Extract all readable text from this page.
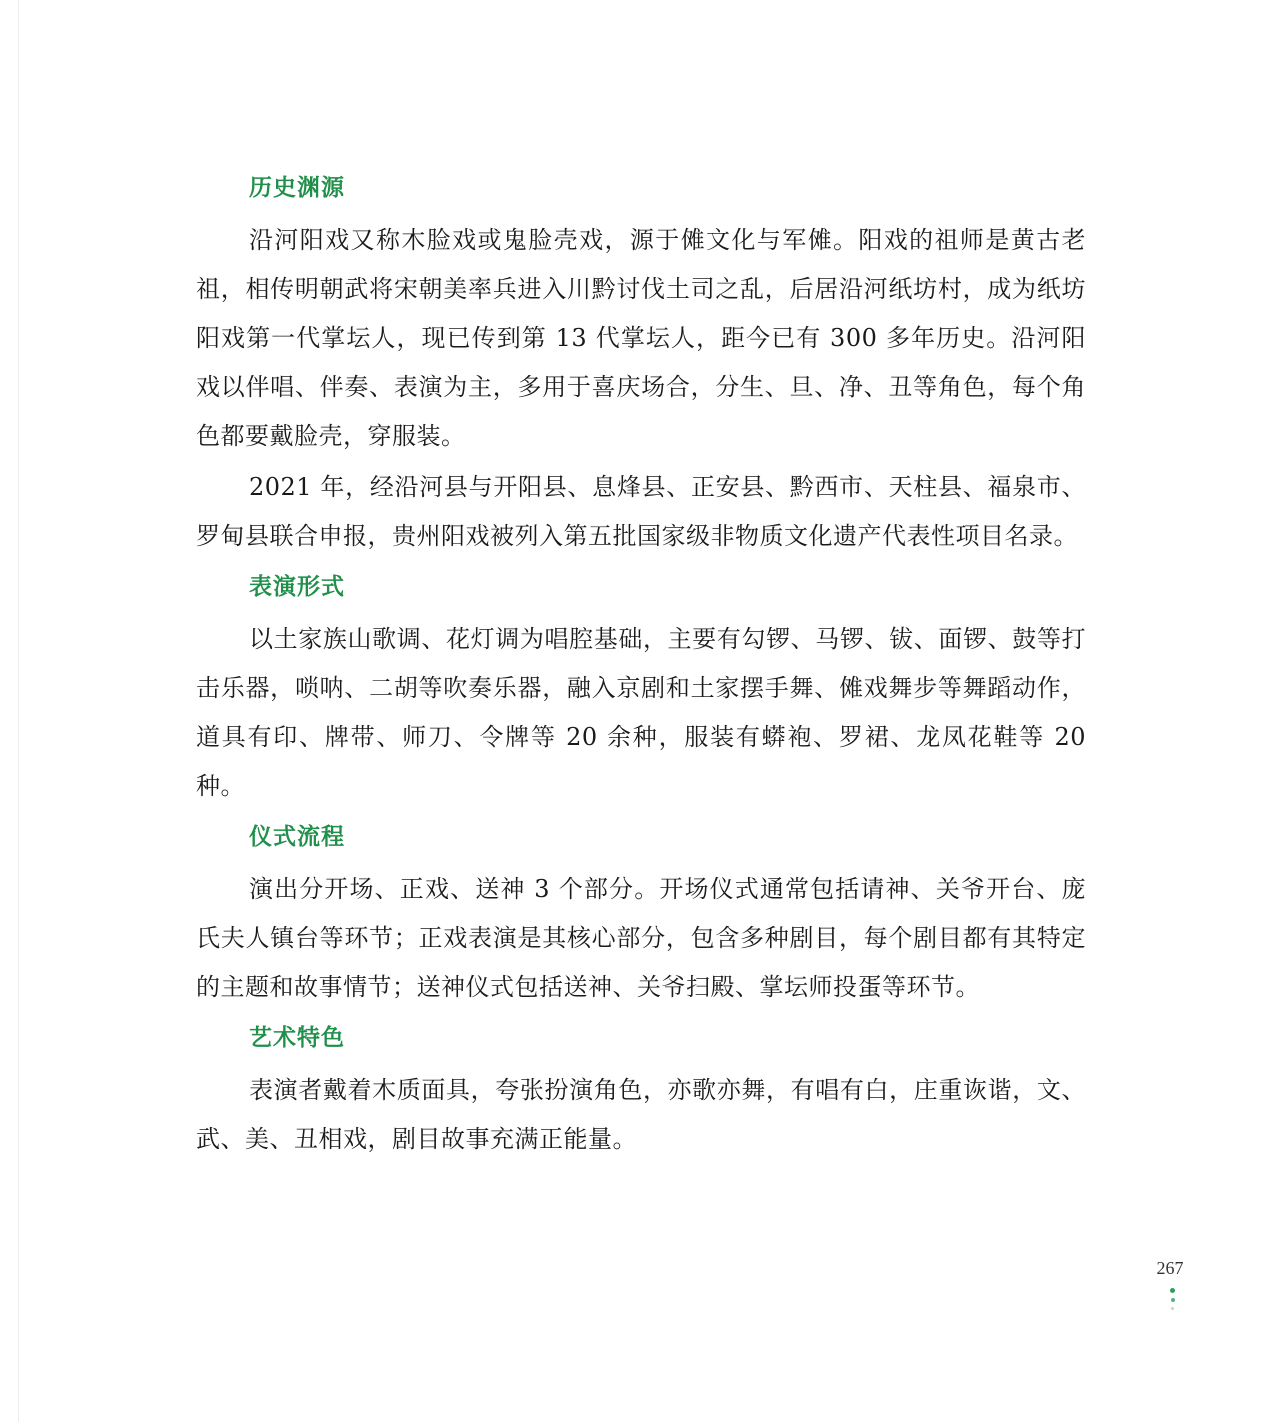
历史渊源

沿河阳戏又称木脸戏或鬼脸壳戏，源于傩文化与军傩。阳戏的祖师是黄古老祖，相传明朝武将宋朝美率兵进入川黔讨伐土司之乱，后居沿河纸坊村，成为纸坊阳戏第一代掌坛人，现已传到第 13 代掌坛人，距今已有 300 多年历史。沿河阳戏以伴唱、伴奏、表演为主，多用于喜庆场合，分生、旦、净、丑等角色，每个角色都要戴脸壳，穿服装。

2021 年，经沿河县与开阳县、息烽县、正安县、黔西市、天柱县、福泉市、罗甸县联合申报，贵州阳戏被列入第五批国家级非物质文化遗产代表性项目名录。

表演形式

以土家族山歌调、花灯调为唱腔基础，主要有勾锣、马锣、钹、面锣、鼓等打击乐器，唢呐、二胡等吹奏乐器，融入京剧和土家摆手舞、傩戏舞步等舞蹈动作，道具有印、牌带、师刀、令牌等 20 余种，服装有蟒袍、罗裙、龙凤花鞋等 20 种。

仪式流程

演出分开场、正戏、送神 3 个部分。开场仪式通常包括请神、关爷开台、庞氏夫人镇台等环节；正戏表演是其核心部分，包含多种剧目，每个剧目都有其特定的主题和故事情节；送神仪式包括送神、关爷扫殿、掌坛师投蛋等环节。

艺术特色

表演者戴着木质面具，夸张扮演角色，亦歌亦舞，有唱有白，庄重诙谐，文、武、美、丑相戏，剧目故事充满正能量。

267
